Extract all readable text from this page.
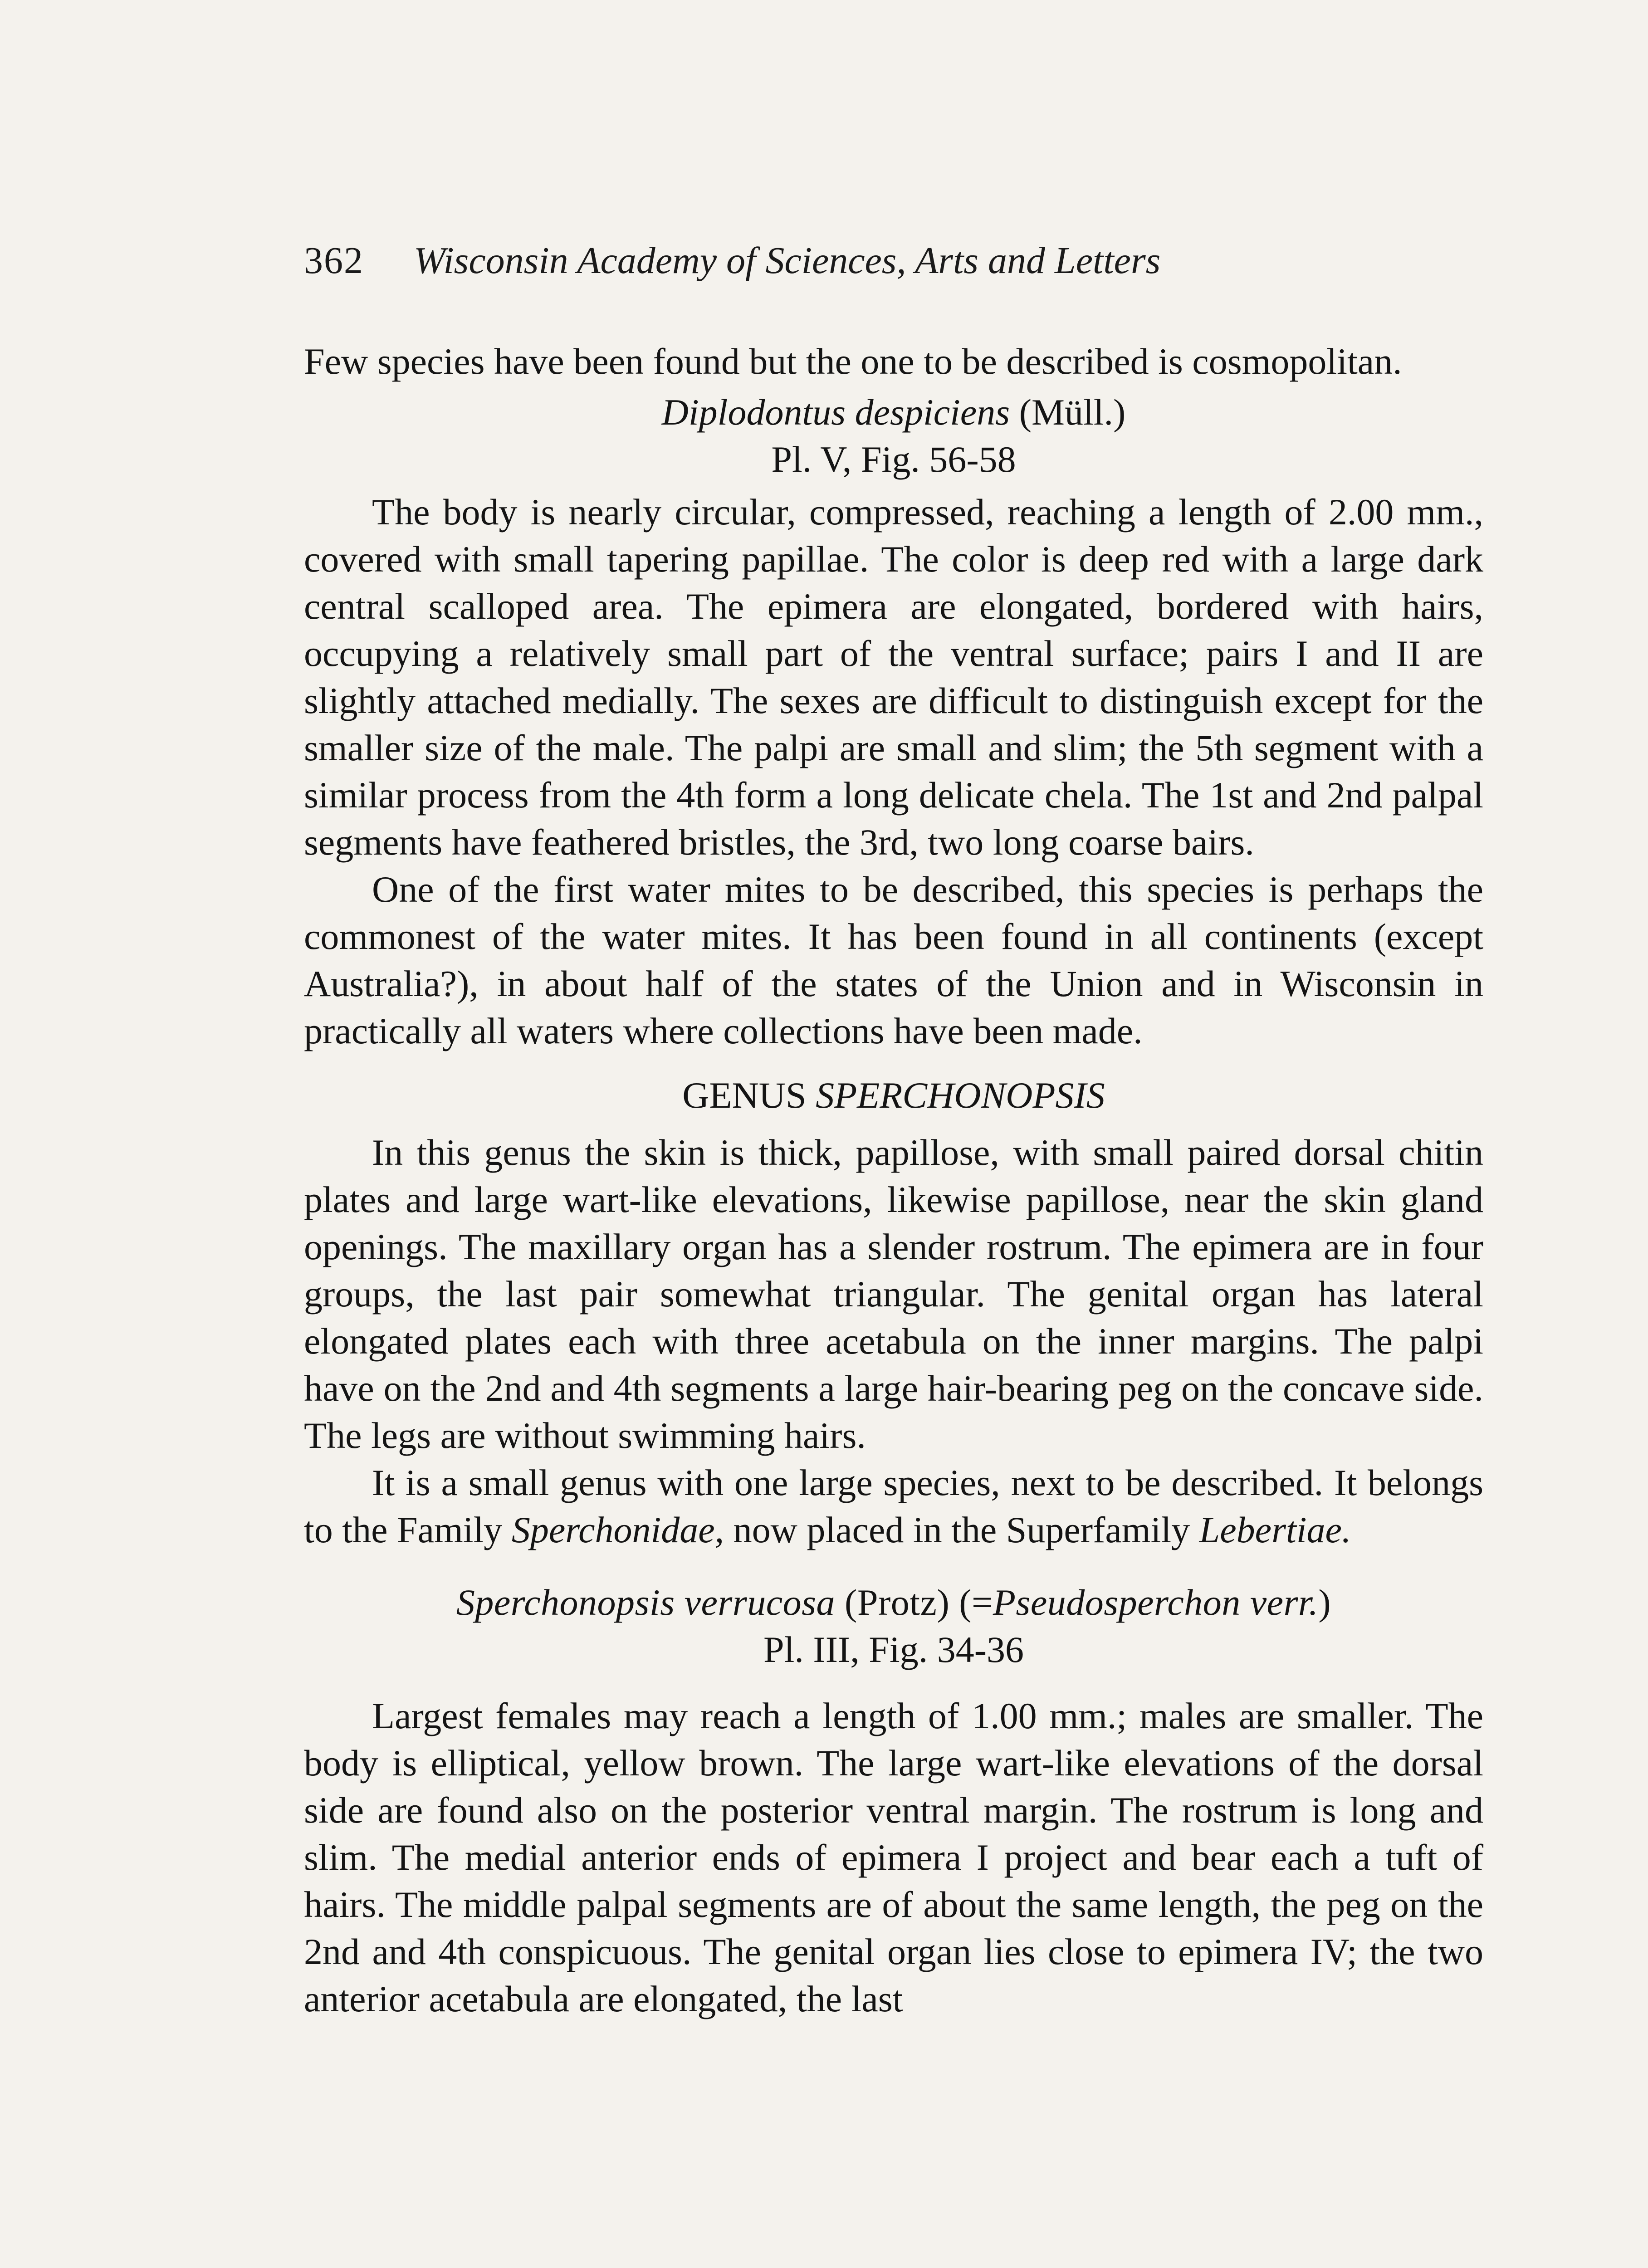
362 Wisconsin Academy of Sciences, Arts and Letters

Few species have been found but the one to be described is cosmopolitan.

Diplodontus despiciens (Müll.)
Pl. V, Fig. 56-58

The body is nearly circular, compressed, reaching a length of 2.00 mm., covered with small tapering papillae. The color is deep red with a large dark central scalloped area. The epimera are elongated, bordered with hairs, occupying a relatively small part of the ventral surface; pairs I and II are slightly attached medially. The sexes are difficult to distinguish except for the smaller size of the male. The palpi are small and slim; the 5th segment with a similar process from the 4th form a long delicate chela. The 1st and 2nd palpal segments have feathered bristles, the 3rd, two long coarse bairs.

One of the first water mites to be described, this species is perhaps the commonest of the water mites. It has been found in all continents (except Australia?), in about half of the states of the Union and in Wisconsin in practically all waters where collections have been made.

GENUS SPERCHONOPSIS

In this genus the skin is thick, papillose, with small paired dorsal chitin plates and large wart-like elevations, likewise papillose, near the skin gland openings. The maxillary organ has a slender rostrum. The epimera are in four groups, the last pair somewhat triangular. The genital organ has lateral elongated plates each with three acetabula on the inner margins. The palpi have on the 2nd and 4th segments a large hair-bearing peg on the concave side. The legs are without swimming hairs.

It is a small genus with one large species, next to be described. It belongs to the Family Sperchonidae, now placed in the Superfamily Lebertiae.

Sperchonopsis verrucosa (Protz) (=Pseudosperchon verr.)
Pl. III, Fig. 34-36

Largest females may reach a length of 1.00 mm.; males are smaller. The body is elliptical, yellow brown. The large wart-like elevations of the dorsal side are found also on the posterior ventral margin. The rostrum is long and slim. The medial anterior ends of epimera I project and bear each a tuft of hairs. The middle palpal segments are of about the same length, the peg on the 2nd and 4th conspicuous. The genital organ lies close to epimera IV; the two anterior acetabula are elongated, the last
